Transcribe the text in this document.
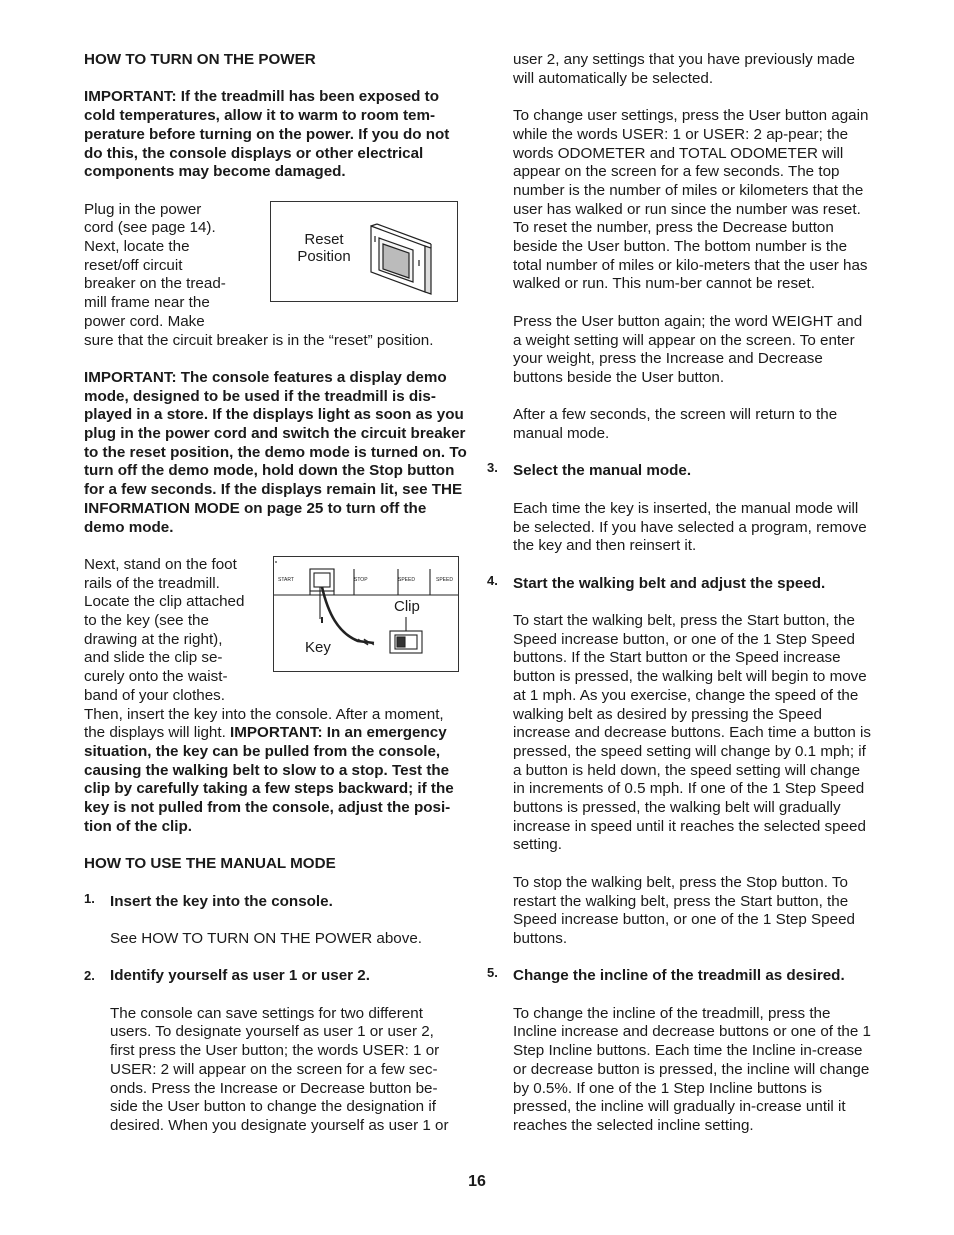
HOW TO TURN ON THE POWER

IMPORTANT: If the treadmill has been exposed to cold temperatures, allow it to warm to room tem-perature before turning on the power. If you do not do this, the console displays or other electrical components may become damaged.

Reset
Position

Plug in the power

cord (see page 14).

Next, locate the

reset/off circuit

breaker on the tread-

mill frame near the

power cord. Make

sure that the circuit breaker is in the “reset” position.

IMPORTANT: The console features a display demo mode, designed to be used if the treadmill is dis-played in a store. If the displays light as soon as you plug in the power cord and switch the circuit breaker to the reset position, the demo mode is turned on. To turn off the demo mode, hold down the Stop button for a few seconds. If the displays remain lit, see THE INFORMATION MODE on page 25 to turn off the demo mode.

START	STOP	SPEED	SPEED
Clip
Key

Next, stand on the foot

rails of the treadmill.

Locate the clip attached

to the key (see the

drawing at the right),

and slide the clip se-

curely onto the waist-

band of your clothes.

Then, insert the key into the console. After a moment, the displays will light. IMPORTANT: In an emergency situation, the key can be pulled from the console, causing the walking belt to slow to a stop. Test the clip by carefully taking a few steps backward; if the key is not pulled from the console, adjust the posi-tion of the clip.

HOW TO USE THE MANUAL MODE

1. Insert the key into the console.

See HOW TO TURN ON THE POWER above.

2. Identify yourself as user 1 or user 2.

The console can save settings for two different users. To designate yourself as user 1 or user 2, first press the User button; the words USER: 1 or USER: 2 will appear on the screen for a few sec-onds. Press the Increase or Decrease button be-side the User button to change the designation if desired. When you designate yourself as user 1 or

user 2, any settings that you have previously made will automatically be selected.

To change user settings, press the User button again while the words USER: 1 or USER: 2 ap-pear; the words ODOMETER and TOTAL ODOMETER will appear on the screen for a few seconds. The top number is the number of miles or kilometers that the user has walked or run since the number was reset. To reset the number, press the Decrease button beside the User button. The bottom number is the total number of miles or kilo-meters that the user has walked or run. This num-ber cannot be reset.

Press the User button again; the word WEIGHT and a weight setting will appear on the screen. To enter your weight, press the Increase and Decrease buttons beside the User button.

After a few seconds, the screen will return to the manual mode.

3. Select the manual mode.

Each time the key is inserted, the manual mode will be selected. If you have selected a program, remove the key and then reinsert it.

4. Start the walking belt and adjust the speed.

To start the walking belt, press the Start button, the Speed increase button, or one of the 1 Step Speed buttons. If the Start button or the Speed increase button is pressed, the walking belt will begin to move at 1 mph. As you exercise, change the speed of the walking belt as desired by pressing the Speed increase and decrease buttons. Each time a button is pressed, the speed setting will change by 0.1 mph; if a button is held down, the speed setting will change in increments of 0.5 mph. If one of the 1 Step Speed buttons is pressed, the walking belt will gradually increase in speed until it reaches the selected speed setting.

To stop the walking belt, press the Stop button. To restart the walking belt, press the Start button, the Speed increase button, or one of the 1 Step Speed buttons.

5. Change the incline of the treadmill as desired.

To change the incline of the treadmill, press the Incline increase and decrease buttons or one of the 1 Step Incline buttons. Each time the Incline in-crease or decrease button is pressed, the incline will change by 0.5%. If one of the 1 Step Incline buttons is pressed, the incline will gradually in-crease until it reaches the selected incline setting.

16
